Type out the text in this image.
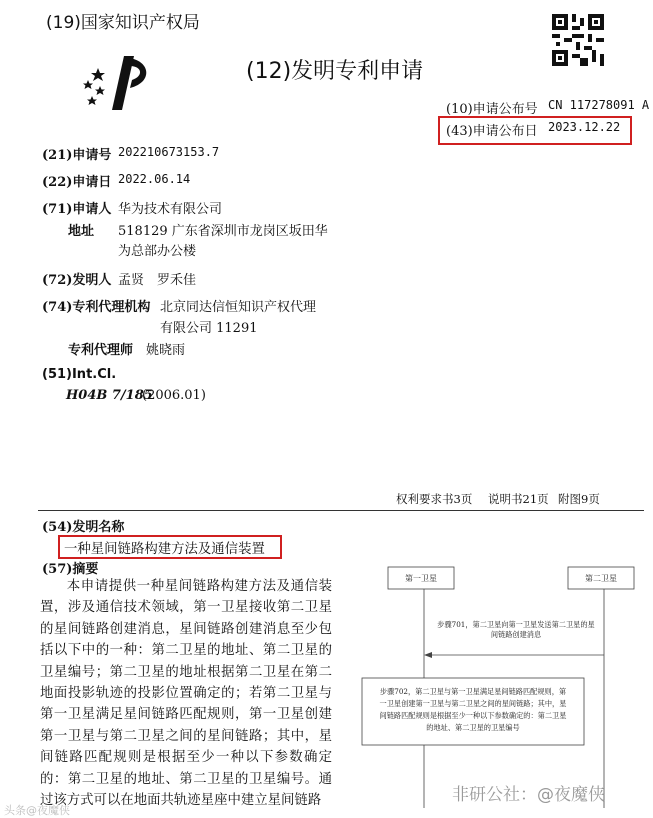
(19)国家知识产权局
(12)发明专利申请
(10)申请公布号 CN 117278091 A
(43)申请公布日 2023.12.22
(21)申请号 202210673153.7
(22)申请日 2022.06.14
(71)申请人 华为技术有限公司
地址 518129 广东省深圳市龙岗区坂田华
为总部办公楼
(72)发明人 孟贤　罗禾佳
(74)专利代理机构 北京同达信恒知识产权代理
有限公司 11291
专利代理师 姚晓雨
(51)Int.Cl.
H04B 7/185
(2006.01)
权利要求书3页 说明书21页 附图9页
(54)发明名称
一种星间链路构建方法及通信装置
(57)摘要
本申请提供一种星间链路构建方法及通信装置，涉及通信技术领域，第一卫星接收第二卫星的星间链路创建消息，星间链路创建消息至少包括以下中的一种：第二卫星的地址、第二卫星的卫星编号；第二卫星的地址根据第二卫星在第二地面投影轨迹的投影位置确定的；若第二卫星与第一卫星满足星间链路匹配规则，第一卫星创建第一卫星与第二卫星之间的星间链路；其中，星间链路匹配规则是根据至少一种以下参数确定的：第二卫星的地址、第二卫星的卫星编号。通过该方式可以在地面共轨迹星座中建立星间链路
第一卫星	第二卫星
步骤701，第二卫星向第一卫星发送第二卫星的星
间链路创建消息
步骤702，第二卫星与第一卫星满足星间链路匹配规则，第
一卫星创建第一卫星与第二卫星之间的星间链路；其中，星
间链路匹配规则是根据至少一种以下参数确定的：第二卫星
的地址、第二卫星的卫星编号
非研公社：@夜魔侠
头条@夜魔侠
